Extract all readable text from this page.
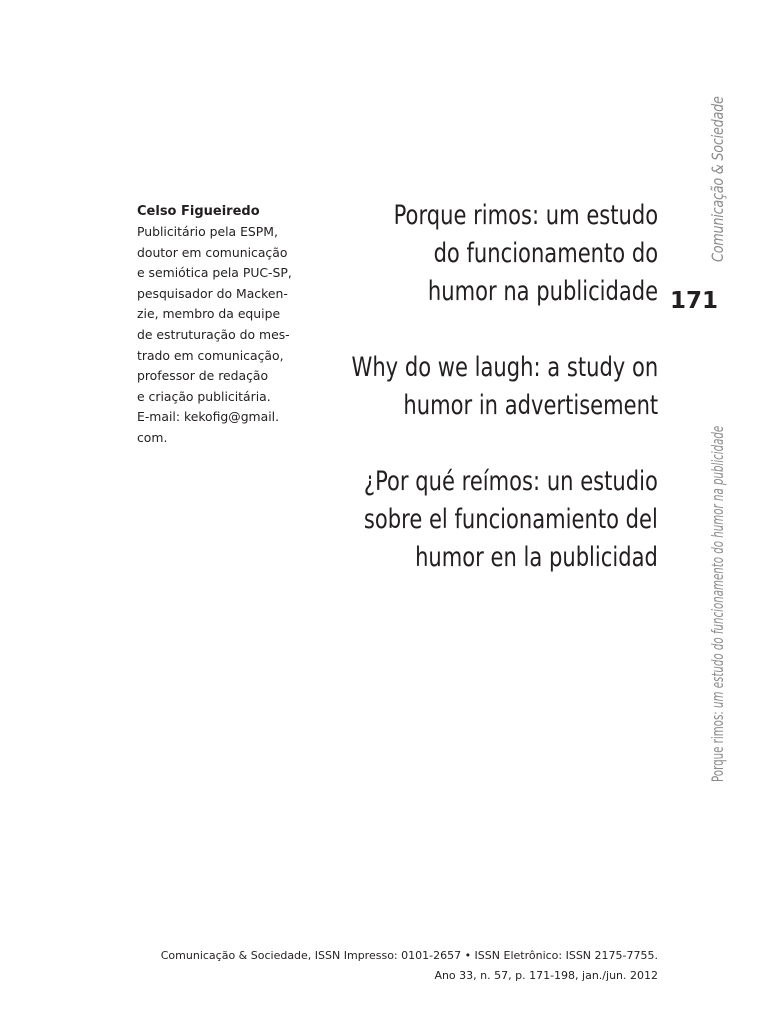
Celso Figueiredo

Publicitário pela ESPM,
doutor em comunicação
e semiótica pela PUC-SP,
pesquisador do Macken-
zie, membro da equipe
de estruturação do mes-
trado em comunicação,
professor de redação
e criação publicitária.
E-mail: kekofig@gmail.
com.

Porque rimos: um estudo
do funcionamento do
humor na publicidade
Why do we laugh: a study on
humor in advertisement
¿Por qué reímos: un estudio
sobre el funcionamiento del
humor en la publicidad
171
Comunicação & Sociedade
Porque rimos: um estudo do funcionamento do humor na publicidade
Comunicação & Sociedade, ISSN Impresso: 0101-2657 • ISSN Eletrônico: ISSN 2175-7755.
Ano 33, n. 57, p. 171-198, jan./jun. 2012
